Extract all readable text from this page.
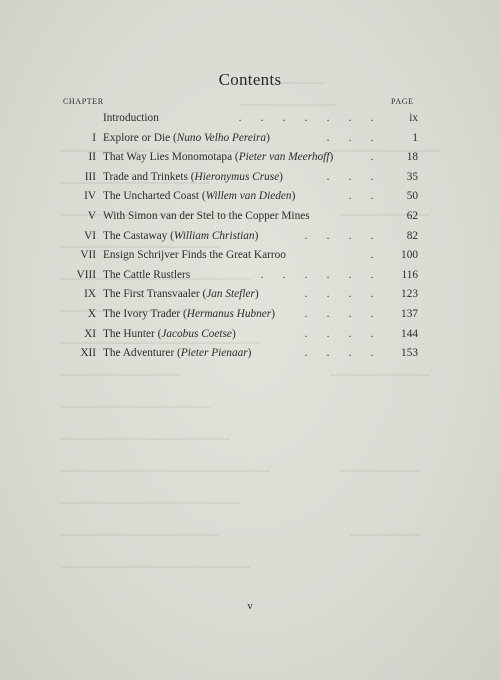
Contents
CHAPTER	PAGE
Introduction	. . . . . . .	ix
I Explore or Die (Nuno Velho Pereira)	. . .	1
II That Way Lies Monomotapa (Pieter van Meerhoff)	.	18
III Trade and Trinkets (Hieronymus Cruse)	. . .	35
IV The Uncharted Coast (Willem van Dieden)	. .	50
V With Simon van der Stel to the Copper Mines	62
VI The Castaway (William Christian)	. . . .	82
VII Ensign Schrijver Finds the Great Karroo	.	100
VIII The Cattle Rustlers	. . . . . .	116
IX The First Transvaaler (Jan Stefler)	. . . .	123
X The Ivory Trader (Hermanus Hubner)	. . . .	137
XI The Hunter (Jacobus Coetse)	. . . .	144
XII The Adventurer (Pieter Pienaar)	. . . .	153
v
